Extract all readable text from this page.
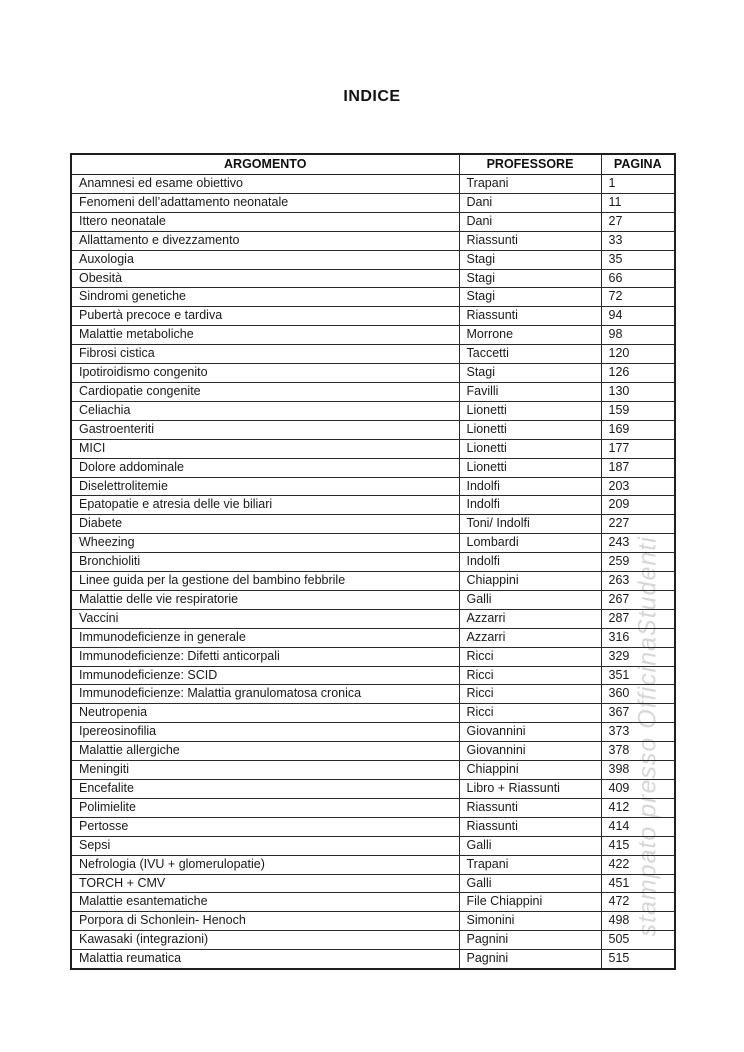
stampato presso OfficinaStudenti
INDICE
ARGOMENTO	PROFESSORE	PAGINA
Anamnesi ed esame obiettivo	Trapani	1
Fenomeni dell’adattamento neonatale	Dani	11
Ittero neonatale	Dani	27
Allattamento e divezzamento	Riassunti	33
Auxologia	Stagi	35
Obesità	Stagi	66
Sindromi genetiche	Stagi	72
Pubertà precoce e tardiva	Riassunti	94
Malattie metaboliche	Morrone	98
Fibrosi cistica	Taccetti	120
Ipotiroidismo congenito	Stagi	126
Cardiopatie congenite	Favilli	130
Celiachia	Lionetti	159
Gastroenteriti	Lionetti	169
MICI	Lionetti	177
Dolore addominale	Lionetti	187
Diselettrolitemie	Indolfi	203
Epatopatie e atresia delle vie biliari	Indolfi	209
Diabete	Toni/ Indolfi	227
Wheezing	Lombardi	243
Bronchioliti	Indolfi	259
Linee guida per la gestione del bambino febbrile	Chiappini	263
Malattie delle vie respiratorie	Galli	267
Vaccini	Azzarri	287
Immunodeficienze in generale	Azzarri	316
Immunodeficienze: Difetti anticorpali	Ricci	329
Immunodeficienze: SCID	Ricci	351
Immunodeficienze: Malattia granulomatosa cronica	Ricci	360
Neutropenia	Ricci	367
Ipereosinofilia	Giovannini	373
Malattie allergiche	Giovannini	378
Meningiti	Chiappini	398
Encefalite	Libro + Riassunti	409
Polimielite	Riassunti	412
Pertosse	Riassunti	414
Sepsi	Galli	415
Nefrologia (IVU + glomerulopatie)	Trapani	422
TORCH + CMV	Galli	451
Malattie esantematiche	File Chiappini	472
Porpora di Schonlein- Henoch	Simonini	498
Kawasaki (integrazioni)	Pagnini	505
Malattia reumatica	Pagnini	515
